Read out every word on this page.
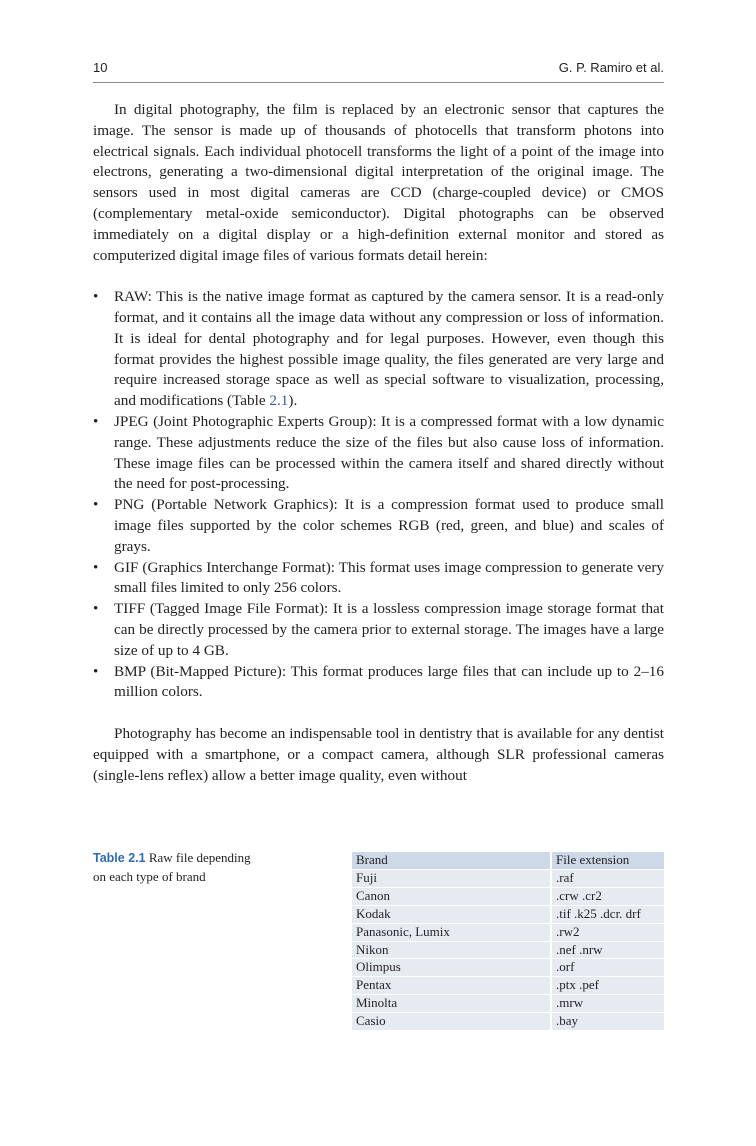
10	G. P. Ramiro et al.

In digital photography, the film is replaced by an electronic sensor that captures the image. The sensor is made up of thousands of photocells that transform photons into electrical signals. Each individual photocell transforms the light of a point of the image into electrons, generating a two-dimensional digital interpretation of the original image. The sensors used in most digital cameras are CCD (charge-coupled device) or CMOS (complementary metal-oxide semiconductor). Digital photographs can be observed immediately on a digital display or a high-definition external monitor and stored as computerized digital image files of various formats detail herein:

• RAW: This is the native image format as captured by the camera sensor. It is a read-only format, and it contains all the image data without any compression or loss of information. It is ideal for dental photography and for legal purposes. However, even though this format provides the highest possible image quality, the files generated are very large and require increased storage space as well as special software to visualization, processing, and modifications (Table 2.1).
• JPEG (Joint Photographic Experts Group): It is a compressed format with a low dynamic range. These adjustments reduce the size of the files but also cause loss of information. These image files can be processed within the camera itself and shared directly without the need for post-processing.
• PNG (Portable Network Graphics): It is a compression format used to produce small image files supported by the color schemes RGB (red, green, and blue) and scales of grays.
• GIF (Graphics Interchange Format): This format uses image compression to generate very small files limited to only 256 colors.
• TIFF (Tagged Image File Format): It is a lossless compression image storage format that can be directly processed by the camera prior to external storage. The images have a large size of up to 4 GB.
• BMP (Bit-Mapped Picture): This format produces large files that can include up to 2–16 million colors.

Photography has become an indispensable tool in dentistry that is available for any dentist equipped with a smartphone, or a compact camera, although SLR professional cameras (single-lens reflex) allow a better image quality, even without

Table 2.1 Raw file depending on each type of brand
Brand	File extension
Fuji	.raf
Canon	.crw .cr2
Kodak	.tif .k25 .dcr. drf
Panasonic, Lumix	.rw2
Nikon	.nef .nrw
Olimpus	.orf
Pentax	.ptx .pef
Minolta	.mrw
Casio	.bay
